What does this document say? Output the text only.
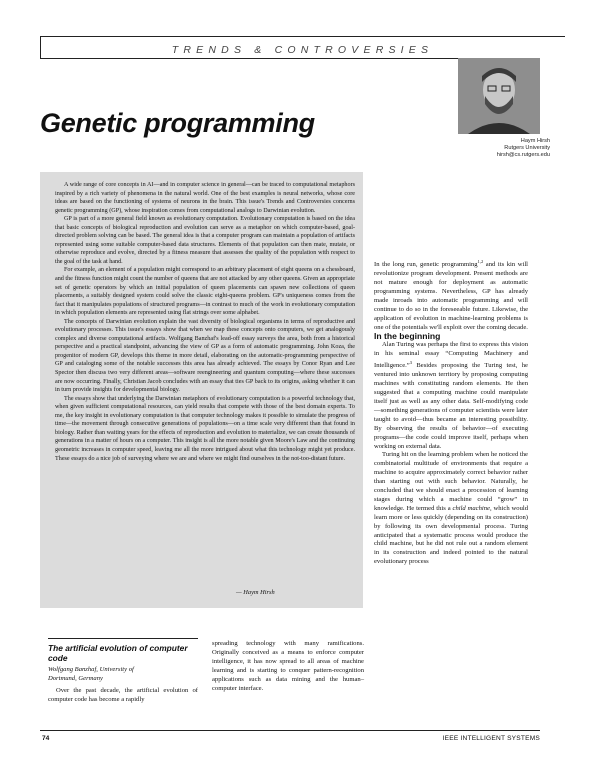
TRENDS & CONTROVERSIES
Genetic programming
Haym Hirsh
Rutgers University
hirsh@cs.rutgers.edu

A wide range of core concepts in AI—and in computer science in general—can be traced to computational metaphors inspired by a rich variety of phenomena in the natural world. One of the best examples is neural networks, whose core ideas are based on the functioning of systems of neurons in the brain. This issue's Trends and Controversies concerns genetic programming (GP), whose inspiration comes from computational analogs to Darwinian evolution.

GP is part of a more general field known as evolutionary computation. Evolutionary computation is based on the idea that basic concepts of biological reproduction and evolution can serve as a metaphor on which computer-based, goal-directed problem solving can be based. The general idea is that a computer program can maintain a population of artifacts represented using some suitable computer-based data structures. Elements of that population can then mate, mutate, or otherwise reproduce and evolve, directed by a fitness measure that assesses the quality of the population with respect to the goal of the task at hand.

For example, an element of a population might correspond to an arbitrary placement of eight queens on a chessboard, and the fitness function might count the number of queens that are not attacked by any other queens. Given an appropriate set of genetic operators by which an initial population of queen placements can spawn new collections of queen placements, a suitably designed system could solve the classic eight-queens problem. GP's uniqueness comes from the fact that it manipulates populations of structured programs—in contrast to much of the work in evolutionary computation in which population elements are represented using flat strings over some alphabet.

The concepts of Darwinian evolution explain the vast diversity of biological organisms in terms of reproductive and evolutionary processes. This issue's essays show that when we map these concepts onto computers, we get analogously complex and diverse computational artifacts. Wolfgang Banzhaf's lead-off essay surveys the area, both from a historical perspective and a practical standpoint, advancing the view of GP as a form of automatic programming. John Koza, the progenitor of modern GP, develops this theme in more detail, elaborating on the automatic-programming perspective of GP and cataloging some of the notable successes this area has already achieved. The essays by Conor Ryan and Lee Spector then discuss two very different areas—software reengineering and quantum computing—where these successes are now occurring. Finally, Christian Jacob concludes with an essay that ties GP back to its origins, asking whether it can in turn provide insights for developmental biology.

The essays show that underlying the Darwinian metaphors of evolutionary computation is a powerful technology that, when given sufficient computational resources, can yield results that compete with those of the best domain experts. To me, the key insight in evolutionary computation is that computer technology makes it possible to simulate the progress of time—the movement through consecutive generations of populations—on a time scale very different than that found in biology. Rather than waiting years for the effects of reproduction and evolution to materialize, we can create thousands of generations in a matter of hours on a computer. This insight is all the more notable given Moore's Law and the continuing geometric increases in computer speed, leaving me all the more intrigued about what this technology might yet produce. These essays do a nice job of surveying where we are and where we might find ourselves in the not-too-distant future.

— Haym Hirsh

In the long run, genetic programming$^{1,2}$ and its kin will revolutionize program development. Present methods are not mature enough for deployment as automatic programming systems. Nevertheless, GP has already made inroads into automatic programming and will continue to do so in the foreseeable future. Likewise, the application of evolution in machine-learning problems is one of the potentials we'll exploit over the coming decade.

In the beginning

Alan Turing was perhaps the first to express this vision in his seminal essay “Computing Machinery and Intelligence.”$^3$ Besides proposing the Turing test, he ventured into unknown territory by proposing computing machines with constituting random elements. He then suggested that a computing machine could manipulate itself just as well as any other data. Self-modifying code—something generations of computer scientists were later taught to avoid—thus became an interesting possibility. By observing the results of behavior—of executing programs—the code could improve itself, perhaps when working on external data.

Turing hit on the learning problem when he noticed the combinatorial multitude of environments that require a machine to acquire approximately correct behavior rather than starting out with such behavior. Naturally, he concluded that we should enact a procession of learning stages during which a machine could “grow” in knowledge. He termed this a child machine, which would learn more or less quickly (depending on its construction) by following its own developmental process. Turing anticipated that a systematic process would produce the child machine, but he did not rule out a random element in its construction and indeed pointed to the natural evolutionary process

The artificial evolution of computer code
Wolfgang Banzhaf, University of
Dortmund, Germany
Over the past decade, the artificial evolution of computer code has become a rapidly
spreading technology with many ramifications. Originally conceived as a means to enforce computer intelligence, it has now spread to all areas of machine learning and is starting to conquer pattern-recognition applications such as data mining and the human–computer interface.
74	IEEE INTELLIGENT SYSTEMS
